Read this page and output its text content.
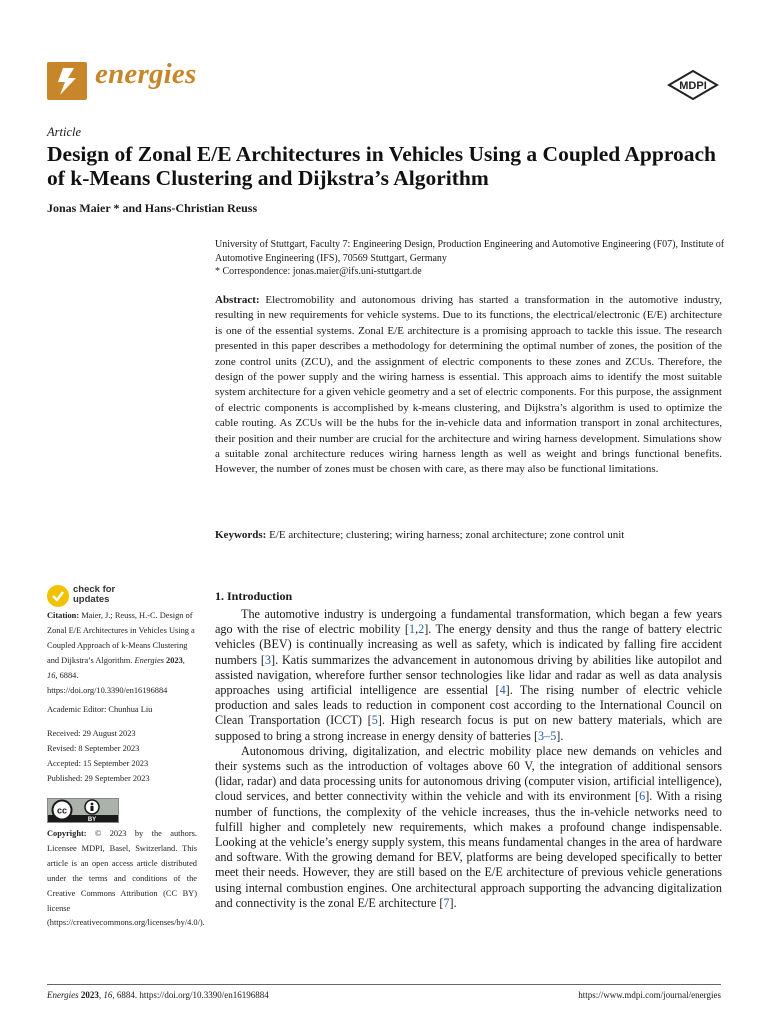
energies	MDPI
Article
Design of Zonal E/E Architectures in Vehicles Using a Coupled Approach of k-Means Clustering and Dijkstra’s Algorithm
Jonas Maier * and Hans-Christian Reuss
University of Stuttgart, Faculty 7: Engineering Design, Production Engineering and Automotive Engineering (F07), Institute of Automotive Engineering (IFS), 70569 Stuttgart, Germany
* Correspondence: jonas.maier@ifs.uni-stuttgart.de
Abstract: Electromobility and autonomous driving has started a transformation in the automotive industry, resulting in new requirements for vehicle systems. Due to its functions, the electrical/electronic (E/E) architecture is one of the essential systems. Zonal E/E architecture is a promising approach to tackle this issue. The research presented in this paper describes a methodology for determining the optimal number of zones, the position of the zone control units (ZCU), and the assignment of electric components to these zones and ZCUs. Therefore, the design of the power supply and the wiring harness is essential. This approach aims to identify the most suitable system architecture for a given vehicle geometry and a set of electric components. For this purpose, the assignment of electric components is accomplished by k-means clustering, and Dijkstra’s algorithm is used to optimize the cable routing. As ZCUs will be the hubs for the in-vehicle data and information transport in zonal architectures, their position and their number are crucial for the architecture and wiring harness development. Simulations show a suitable zonal architecture reduces wiring harness length as well as weight and brings functional benefits. However, the number of zones must be chosen with care, as there may also be functional limitations.
Keywords: E/E architecture; clustering; wiring harness; zonal architecture; zone control unit
check for
updates
Citation: Maier, J.; Reuss, H.-C. Design of Zonal E/E Architectures in Vehicles Using a Coupled Approach of k-Means Clustering and Dijkstra’s Algorithm. Energies 2023, 16, 6884. https://doi.org/10.3390/en16196884
Academic Editor: Chunhua Liu
Received: 29 August 2023
Revised: 8 September 2023
Accepted: 15 September 2023
Published: 29 September 2023
cc
BY
Copyright: © 2023 by the authors. Licensee MDPI, Basel, Switzerland. This article is an open access article distributed under the terms and conditions of the Creative Commons Attribution (CC BY) license (https://creativecommons.org/licenses/by/4.0/).
1. Introduction

The automotive industry is undergoing a fundamental transformation, which began a few years ago with the rise of electric mobility [1,2]. The energy density and thus the range of battery electric vehicles (BEV) is continually increasing as well as safety, which is indicated by falling fire accident numbers [3]. Katis summarizes the advancement in autonomous driving by abilities like autopilot and assisted navigation, wherefore further sensor technologies like lidar and radar as well as data analysis approaches using artificial intelligence are essential [4]. The rising number of electric vehicle production and sales leads to reduction in component cost according to the International Council on Clean Transportation (ICCT) [5]. High research focus is put on new battery materials, which are supposed to bring a strong increase in energy density of batteries [3–5].

Autonomous driving, digitalization, and electric mobility place new demands on vehicles and their systems such as the introduction of voltages above 60 V, the integration of additional sensors (lidar, radar) and data processing units for autonomous driving (computer vision, artificial intelligence), cloud services, and better connectivity within the vehicle and with its environment [6]. With a rising number of functions, the complexity of the vehicle increases, thus the in-vehicle networks need to fulfill higher and completely new requirements, which makes a profound change indispensable. Looking at the vehicle’s energy supply system, this means fundamental changes in the area of hardware and software. With the growing demand for BEV, platforms are being developed specifically to better meet their needs. However, they are still based on the E/E architecture of previous vehicle generations using internal combustion engines. One architectural approach supporting the advancing digitalization and connectivity is the zonal E/E architecture [7].

Energies 2023, 16, 6884. https://doi.org/10.3390/en16196884	https://www.mdpi.com/journal/energies
